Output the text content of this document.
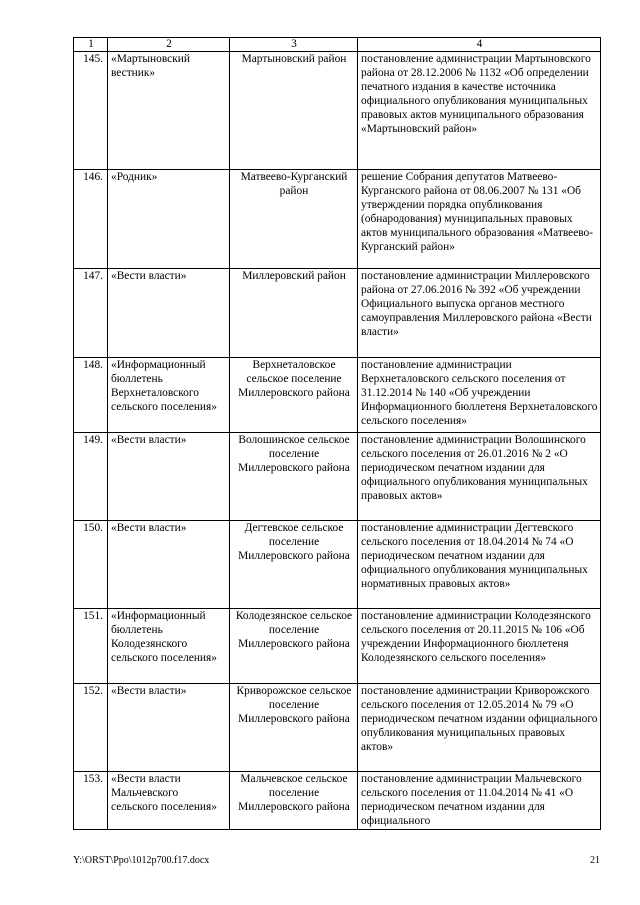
1	2	3	4
145.	«Мартыновский вестник»	Мартыновский район	постановление администрации Мартыновского района от 28.12.2006 № 1132 «Об определении печатного издания в качестве источника официального опубликования муниципальных правовых актов муниципального образования «Мартыновский район»
146.	«Родник»	Матвеево-Курганский район	решение Собрания депутатов Матвеево-Курганского района от 08.06.2007 № 131 «Об утверждении порядка опубликования (обнародования) муниципальных правовых актов муниципального образования «Матвеево-Курганский район»
147.	«Вести власти»	Миллеровский район	постановление администрации Миллеровского района от 27.06.2016 № 392 «Об учреждении Официального выпуска органов местного самоуправления Миллеровского района «Вести власти»
148.	«Информационный бюллетень Верхнеталовского сельского поселения»	Верхнеталовское сельское поселение Миллеровского района	постановление администрации Верхнеталовского сельского поселения от 31.12.2014 № 140 «Об учреждении Информационного бюллетеня Верхнеталовского сельского поселения»
149.	«Вести власти»	Волошинское сельское поселение Миллеровского района	постановление администрации Волошинского сельского поселения от 26.01.2016 № 2 «О периодическом печатном издании для официального опубликования муниципальных правовых актов»
150.	«Вести власти»	Дегтевское сельское поселение Миллеровского района	постановление администрации Дегтевского сельского поселения от 18.04.2014 № 74 «О периодическом печатном издании для официального опубликования муниципальных нормативных правовых актов»
151.	«Информационный бюллетень Колодезянского сельского поселения»	Колодезянское сельское поселение Миллеровского района	постановление администрации Колодезянского сельского поселения от 20.11.2015 № 106 «Об учреждении Информационного бюллетеня Колодезянского сельского поселения»
152.	«Вести власти»	Криворожское сельское поселение Миллеровского района	постановление администрации Криворожского сельского поселения от 12.05.2014 № 79 «О периодическом печатном издании официального опубликования муниципальных правовых актов»
153.	«Вести власти Мальчевского сельского поселения»	Мальчевское сельское поселение Миллеровского района	постановление администрации Мальчевского сельского поселения от 11.04.2014 № 41 «О периодическом печатном издании для официального
Y:\ORST\Ppo\1012p700.f17.docx	21
